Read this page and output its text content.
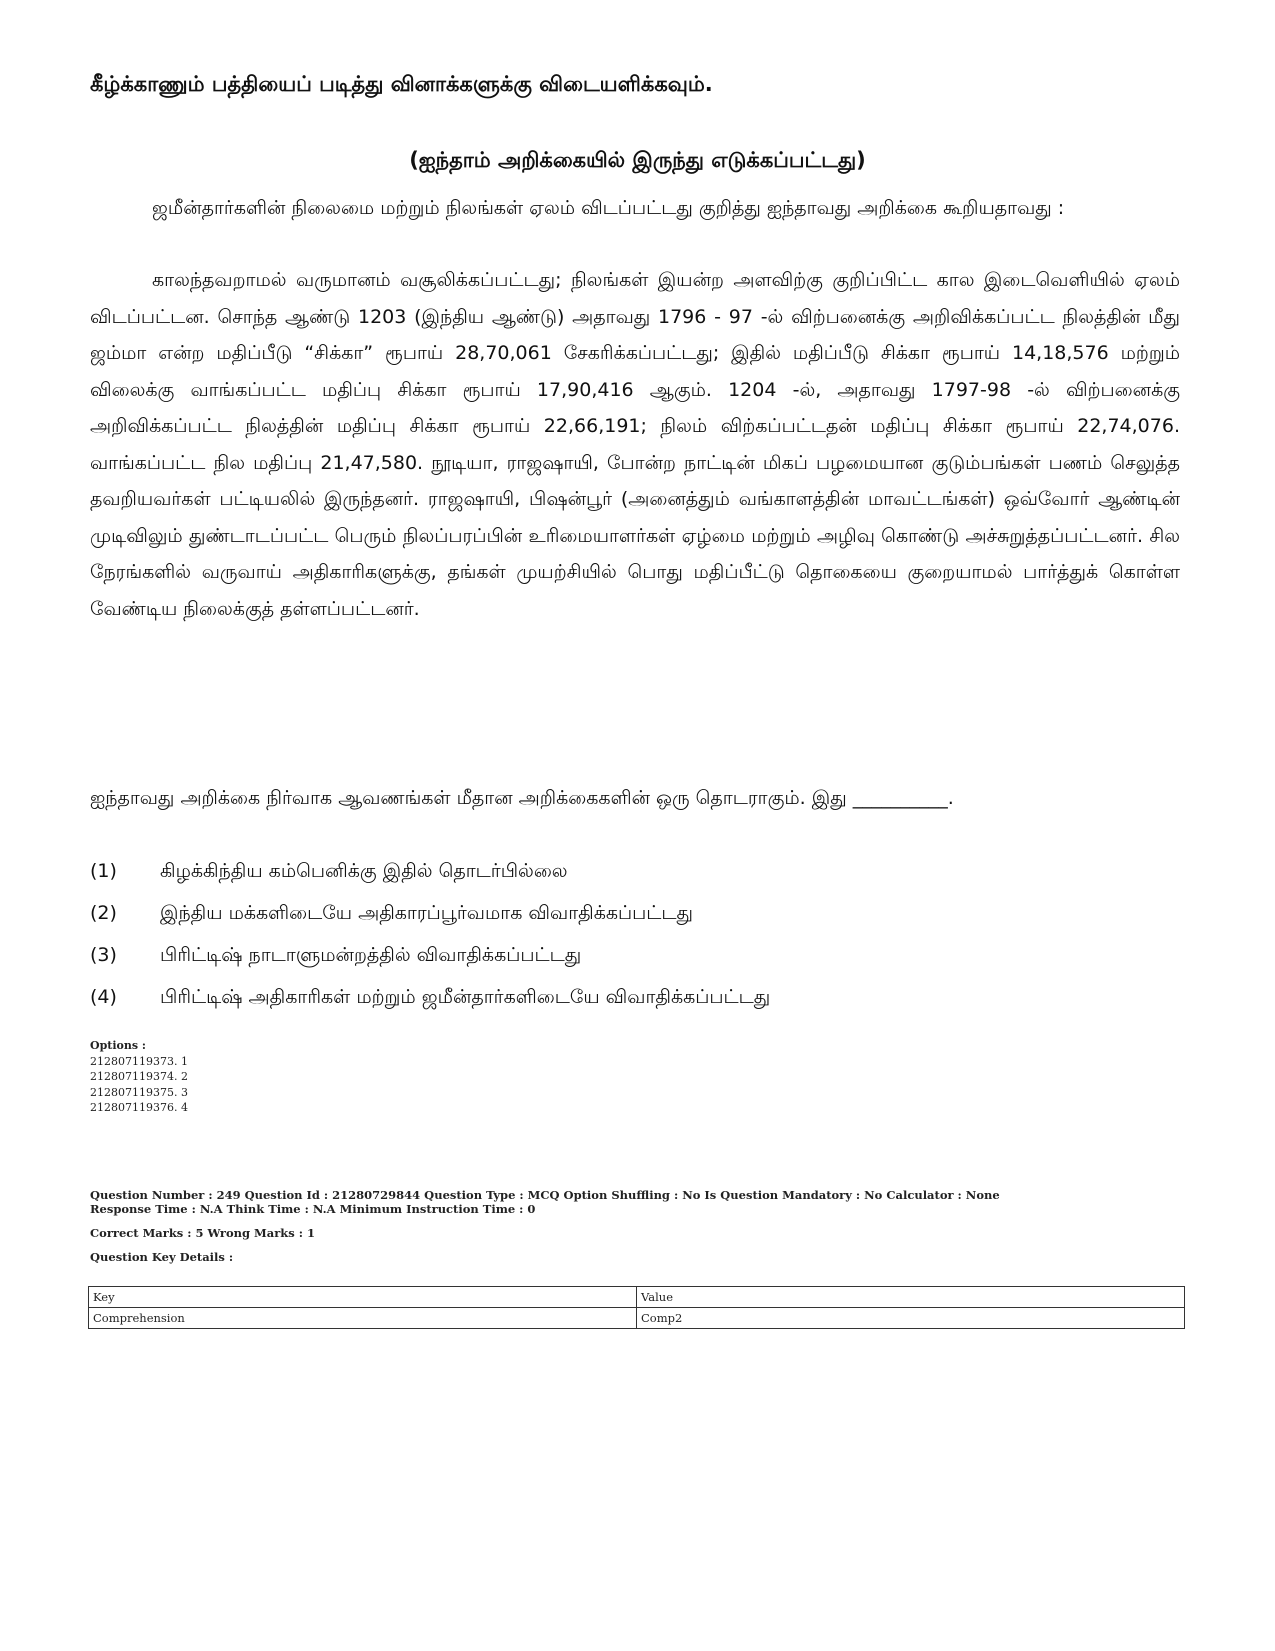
கீழ்க்காணும் பத்தியைப் படித்து வினாக்களுக்கு விடையளிக்கவும்.
(ஐந்தாம் அறிக்கையில் இருந்து எடுக்கப்பட்டது)

ஜமீன்தார்களின் நிலைமை மற்றும் நிலங்கள் ஏலம் விடப்பட்டது குறித்து ஐந்தாவது அறிக்கை கூறியதாவது :

காலந்தவறாமல் வருமானம் வசூலிக்கப்பட்டது; நிலங்கள் இயன்ற அளவிற்கு குறிப்பிட்ட கால இடைவெளியில் ஏலம் விடப்பட்டன. சொந்த ஆண்டு 1203 (இந்திய ஆண்டு) அதாவது 1796 - 97 -ல் விற்பனைக்கு அறிவிக்கப்பட்ட நிலத்தின் மீது ஜம்மா என்ற மதிப்பீடு “சிக்கா” ரூபாய் 28,70,061 சேகரிக்கப்பட்டது; இதில் மதிப்பீடு சிக்கா ரூபாய் 14,18,576 மற்றும் விலைக்கு வாங்கப்பட்ட மதிப்பு சிக்கா ரூபாய் 17,90,416 ஆகும். 1204 -ல், அதாவது 1797-98 -ல் விற்பனைக்கு அறிவிக்கப்பட்ட நிலத்தின் மதிப்பு சிக்கா ரூபாய் 22,66,191; நிலம் விற்கப்பட்டதன் மதிப்பு சிக்கா ரூபாய் 22,74,076. வாங்கப்பட்ட நில மதிப்பு 21,47,580. நூடியா, ராஜஷாயி, போன்ற நாட்டின் மிகப் பழமையான குடும்பங்கள் பணம் செலுத்த தவறியவர்கள் பட்டியலில் இருந்தனர். ராஜஷாயி, பிஷன்பூர் (அனைத்தும் வங்காளத்தின் மாவட்டங்கள்) ஒவ்வோர் ஆண்டின் முடிவிலும் துண்டாடப்பட்ட பெரும் நிலப்பரப்பின் உரிமையாளர்கள் ஏழ்மை மற்றும் அழிவு கொண்டு அச்சுறுத்தப்பட்டனர். சில நேரங்களில் வருவாய் அதிகாரிகளுக்கு, தங்கள் முயற்சியில் பொது மதிப்பீட்டு தொகையை குறையாமல் பார்த்துக் கொள்ள வேண்டிய நிலைக்குத் தள்ளப்பட்டனர்.

ஐந்தாவது அறிக்கை நிர்வாக ஆவணங்கள் மீதான அறிக்கைகளின் ஒரு தொடராகும். இது __________.
(1)	கிழக்கிந்திய கம்பெனிக்கு இதில் தொடர்பில்லை
(2)	இந்திய மக்களிடையே அதிகாரப்பூர்வமாக விவாதிக்கப்பட்டது
(3)	பிரிட்டிஷ் நாடாளுமன்றத்தில் விவாதிக்கப்பட்டது
(4)	பிரிட்டிஷ் அதிகாரிகள் மற்றும் ஜமீன்தார்களிடையே விவாதிக்கப்பட்டது
Options :
212807119373. 1
212807119374. 2
212807119375. 3
212807119376. 4

Question Number : 249 Question Id : 21280729844 Question Type : MCQ Option Shuffling : No Is Question Mandatory : No Calculator : None

Response Time : N.A Think Time : N.A Minimum Instruction Time : 0

Correct Marks : 5 Wrong Marks : 1

Question Key Details :

Key	Value
Comprehension	Comp2
